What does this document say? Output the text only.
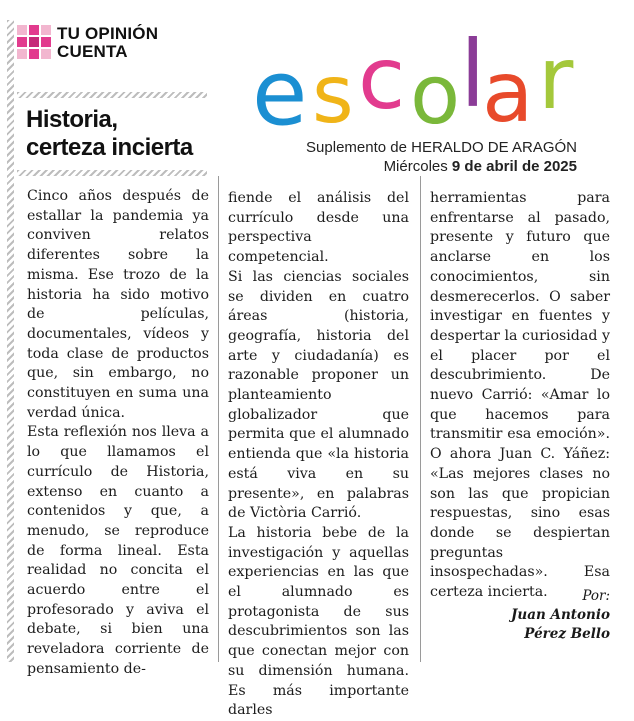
TU OPINIÓN
CUENTA
Historia,
certeza incierta
e s c o l
a r
Suplemento de HERALDO DE ARAGÓN
Miércoles 9 de abril de 2025

Cinco años después de estallar la pandemia ya conviven relatos diferentes sobre la misma. Ese trozo de la historia ha sido motivo de películas, documentales, vídeos y toda clase de productos que, sin embargo, no constituyen en suma una verdad única.

Esta reflexión nos lleva a lo que llamamos el currículo de Historia, extenso en cuanto a contenidos y que, a menudo, se reproduce de forma lineal. Esta realidad no concita el acuerdo entre el profesorado y aviva el debate, si bien una reveladora corriente de pensamiento de-

fiende el análisis del currículo desde una perspectiva competencial.

Si las ciencias sociales se dividen en cuatro áreas (historia, geografía, historia del arte y ciudadanía) es razonable proponer un planteamiento globalizador que permita que el alumnado entienda que «la historia está viva en su presente», en palabras de Victòria Carrió.

La historia bebe de la investigación y aquellas experiencias en las que el alumnado es protagonista de sus descubrimientos son las que conectan mejor con su dimensión humana. Es más importante darles

herramientas para enfrentarse al pasado, presente y futuro que anclarse en los conocimientos, sin desmerecerlos. O saber investigar en fuentes y despertar la curiosidad y el placer por el descubrimiento. De nuevo Carrió: «Amar lo que hacemos para transmitir esa emoción». O ahora Juan C. Yáñez: «Las mejores clases no son las que propician respuestas, sino esas donde se despiertan preguntas insospechadas». Esa certeza incierta.	Por:
Juan Antonio
Pérez Bello
